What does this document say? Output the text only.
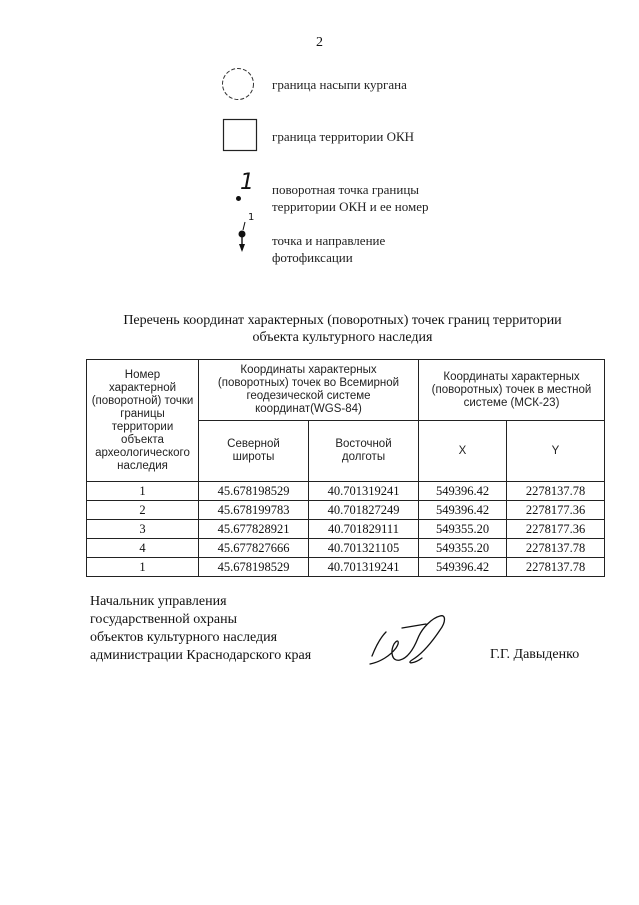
2
граница насыпи кургана
граница территории ОКН
1 поворотная точка границы
территории ОКН и ее номер
1
точка и направление
фотофиксации
Перечень координат характерных (поворотных) точек границ территории
объекта культурного наследия
Номер характерной (поворотной) точки границы территории объекта археологического наследия	Координаты характерных (поворотных) точек во Всемирной геодезической системе координат(WGS-84)		Координаты характерных (поворотных) точек в местной системе (МСК-23)	
	Северной широты	Восточной долготы	X	Y
1	45.678198529	40.701319241	549396.42	2278137.78
2	45.678199783	40.701827249	549396.42	2278177.36
3	45.677828921	40.701829111	549355.20	2278177.36
4	45.677827666	40.701321105	549355.20	2278137.78
1	45.678198529	40.701319241	549396.42	2278137.78
Начальник управления
государственной охраны
объектов культурного наследия
администрации Краснодарского края	Г.Г. Давыденко
